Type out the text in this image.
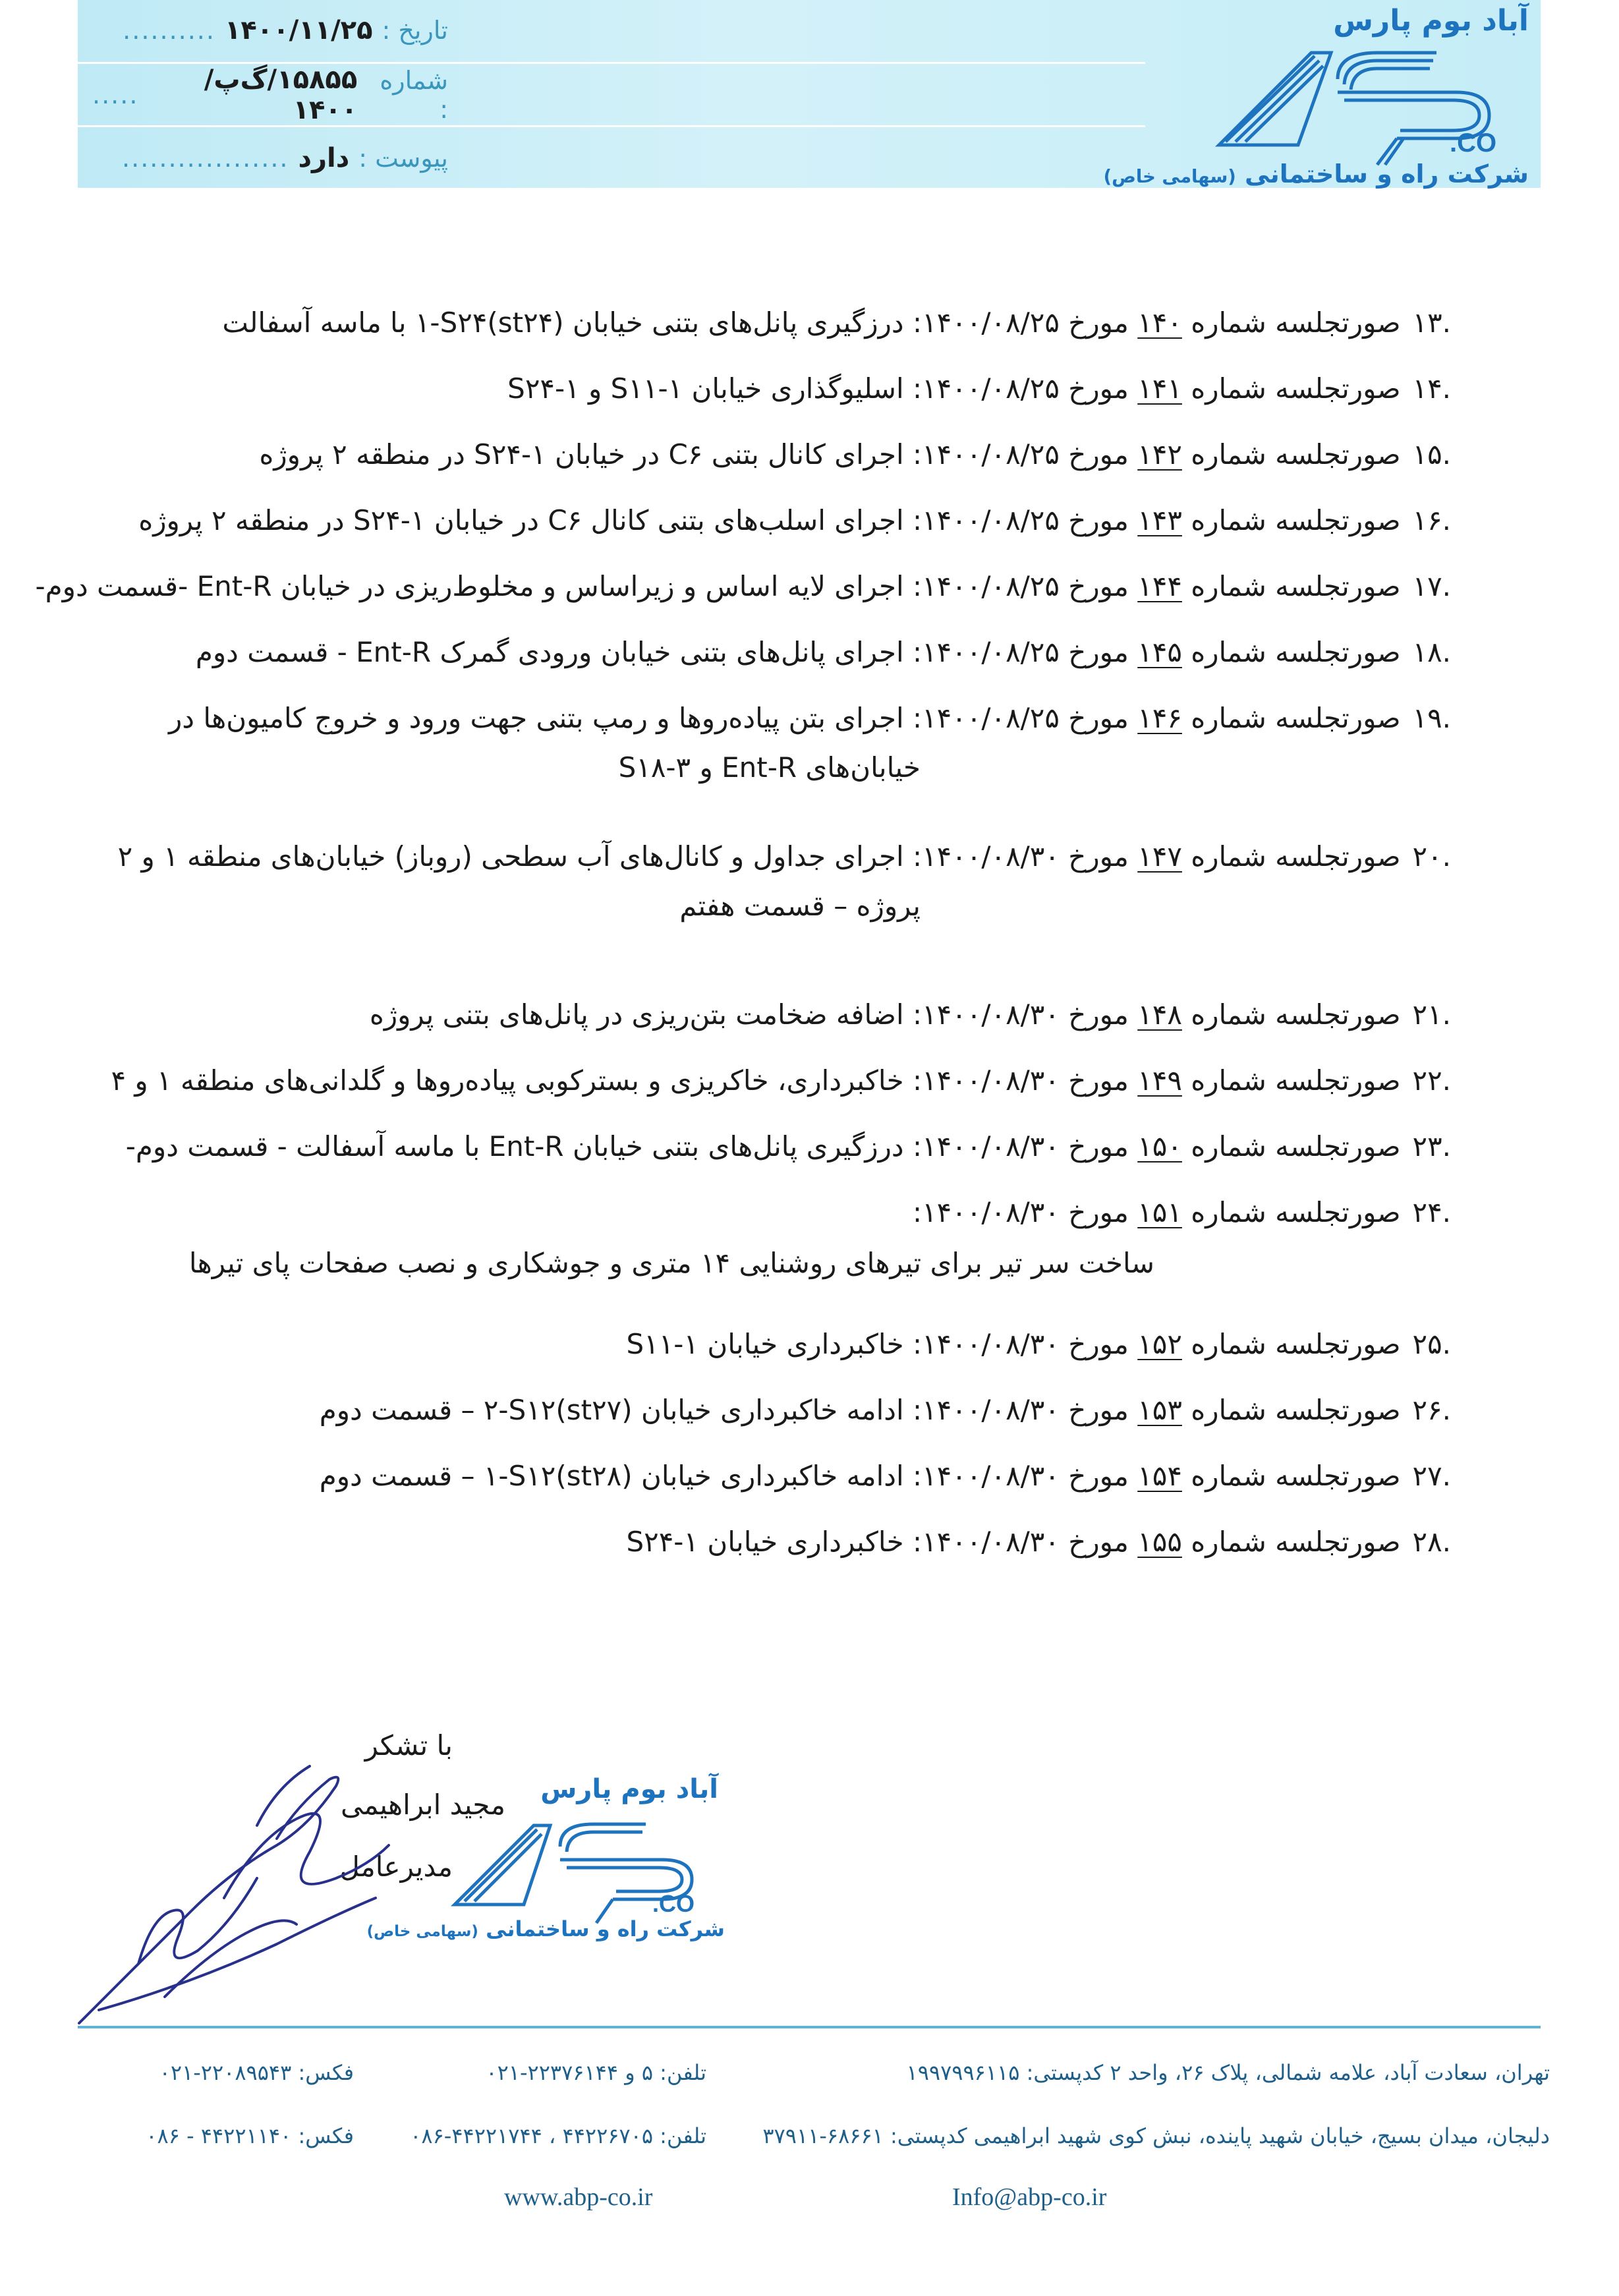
تاریخ :
۱۴۰۰/۱۱/۲۵
..........
شماره :
۱۵۸۵۵/گ‌پ/۱۴۰۰
.....
پیوست :
دارد
..................
آباد بوم پارس
CO.
شرکت راه و ساختمانی (سهامی خاص)
.۱۳صورتجلسه شماره ۱۴۰ مورخ ۱۴۰۰/۰۸/۲۵: درزگیری پانل‌های بتنی خیابان (st۲۴)۱-S۲۴ با ماسه آسفالت
.۱۴صورتجلسه شماره ۱۴۱ مورخ ۱۴۰۰/۰۸/۲۵: اسلیوگذاری خیابان ۱-S۱۱ و ۱-S۲۴
.۱۵صورتجلسه شماره ۱۴۲ مورخ ۱۴۰۰/۰۸/۲۵: اجرای کانال بتنی C۶ در خیابان ۱-S۲۴ در منطقه ۲ پروژه
.۱۶صورتجلسه شماره ۱۴۳ مورخ ۱۴۰۰/۰۸/۲۵: اجرای اسلب‌های بتنی کانال C۶ در خیابان ۱-S۲۴ در منطقه ۲ پروژه
.۱۷صورتجلسه شماره ۱۴۴ مورخ ۱۴۰۰/۰۸/۲۵: اجرای لایه اساس و زیراساس و مخلوط‌ریزی در خیابان Ent-R -قسمت دوم-
.۱۸صورتجلسه شماره ۱۴۵ مورخ ۱۴۰۰/۰۸/۲۵: اجرای پانل‌های بتنی خیابان ورودی گمرک Ent-R - قسمت دوم
.۱۹صورتجلسه شماره ۱۴۶ مورخ ۱۴۰۰/۰۸/۲۵: اجرای بتن پیاده‌روها و رمپ بتنی جهت ورود و خروج کامیون‌ها در
خیابان‌های Ent-R و ۳-S۱۸
.۲۰صورتجلسه شماره ۱۴۷ مورخ ۱۴۰۰/۰۸/۳۰: اجرای جداول و کانال‌های آب سطحی (روباز) خیابان‌های منطقه ۱ و ۲
پروژه – قسمت هفتم
.۲۱صورتجلسه شماره ۱۴۸ مورخ ۱۴۰۰/۰۸/۳۰: اضافه ضخامت بتن‌ریزی در پانل‌های بتنی پروژه
.۲۲صورتجلسه شماره ۱۴۹ مورخ ۱۴۰۰/۰۸/۳۰: خاکبرداری، خاکریزی و بسترکوبی پیاده‌روها و گلدانی‌های منطقه ۱ و ۴
.۲۳صورتجلسه شماره ۱۵۰ مورخ ۱۴۰۰/۰۸/۳۰: درزگیری پانل‌های بتنی خیابان Ent-R با ماسه آسفالت - قسمت دوم-
.۲۴صورتجلسه شماره ۱۵۱ مورخ ۱۴۰۰/۰۸/۳۰:
ساخت سر تیر برای تیرهای روشنایی ۱۴ متری و جوشکاری و نصب صفحات پای تیرها
.۲۵صورتجلسه شماره ۱۵۲ مورخ ۱۴۰۰/۰۸/۳۰: خاکبرداری خیابان ۱-S۱۱
.۲۶صورتجلسه شماره ۱۵۳ مورخ ۱۴۰۰/۰۸/۳۰: ادامه خاکبرداری خیابان (st۲۷)۲-S۱۲ – قسمت دوم
.۲۷صورتجلسه شماره ۱۵۴ مورخ ۱۴۰۰/۰۸/۳۰: ادامه خاکبرداری خیابان (st۲۸)۱-S۱۲ – قسمت دوم
.۲۸صورتجلسه شماره ۱۵۵ مورخ ۱۴۰۰/۰۸/۳۰: خاکبرداری خیابان ۱-S۲۴
با تشکر
مجید ابراهیمی
مدیرعامل
آباد بوم پارس
CO.
شرکت راه و ساختمانی (سهامی خاص)
تهران، سعادت آباد، علامه شمالی، پلاک ۲۶، واحد ۲ کدپستی: ۱۹۹۷۹۹۶۱۱۵
تلفن: ۵ و ۲۲۳۷۶۱۴۴-۰۲۱
فکس: ۲۲۰۸۹۵۴۳-۰۲۱
دلیجان، میدان بسیج، خیابان شهید پاینده، نبش کوی شهید ابراهیمی کدپستی: ۶۸۶۶۱-۳۷۹۱۱
تلفن: ۴۴۲۲۶۷۰۵ ، ۴۴۲۲۱۷۴۴-۰۸۶
فکس: ۴۴۲۲۱۱۴۰ - ۰۸۶
www.abp-co.ir	Info@abp-co.ir
